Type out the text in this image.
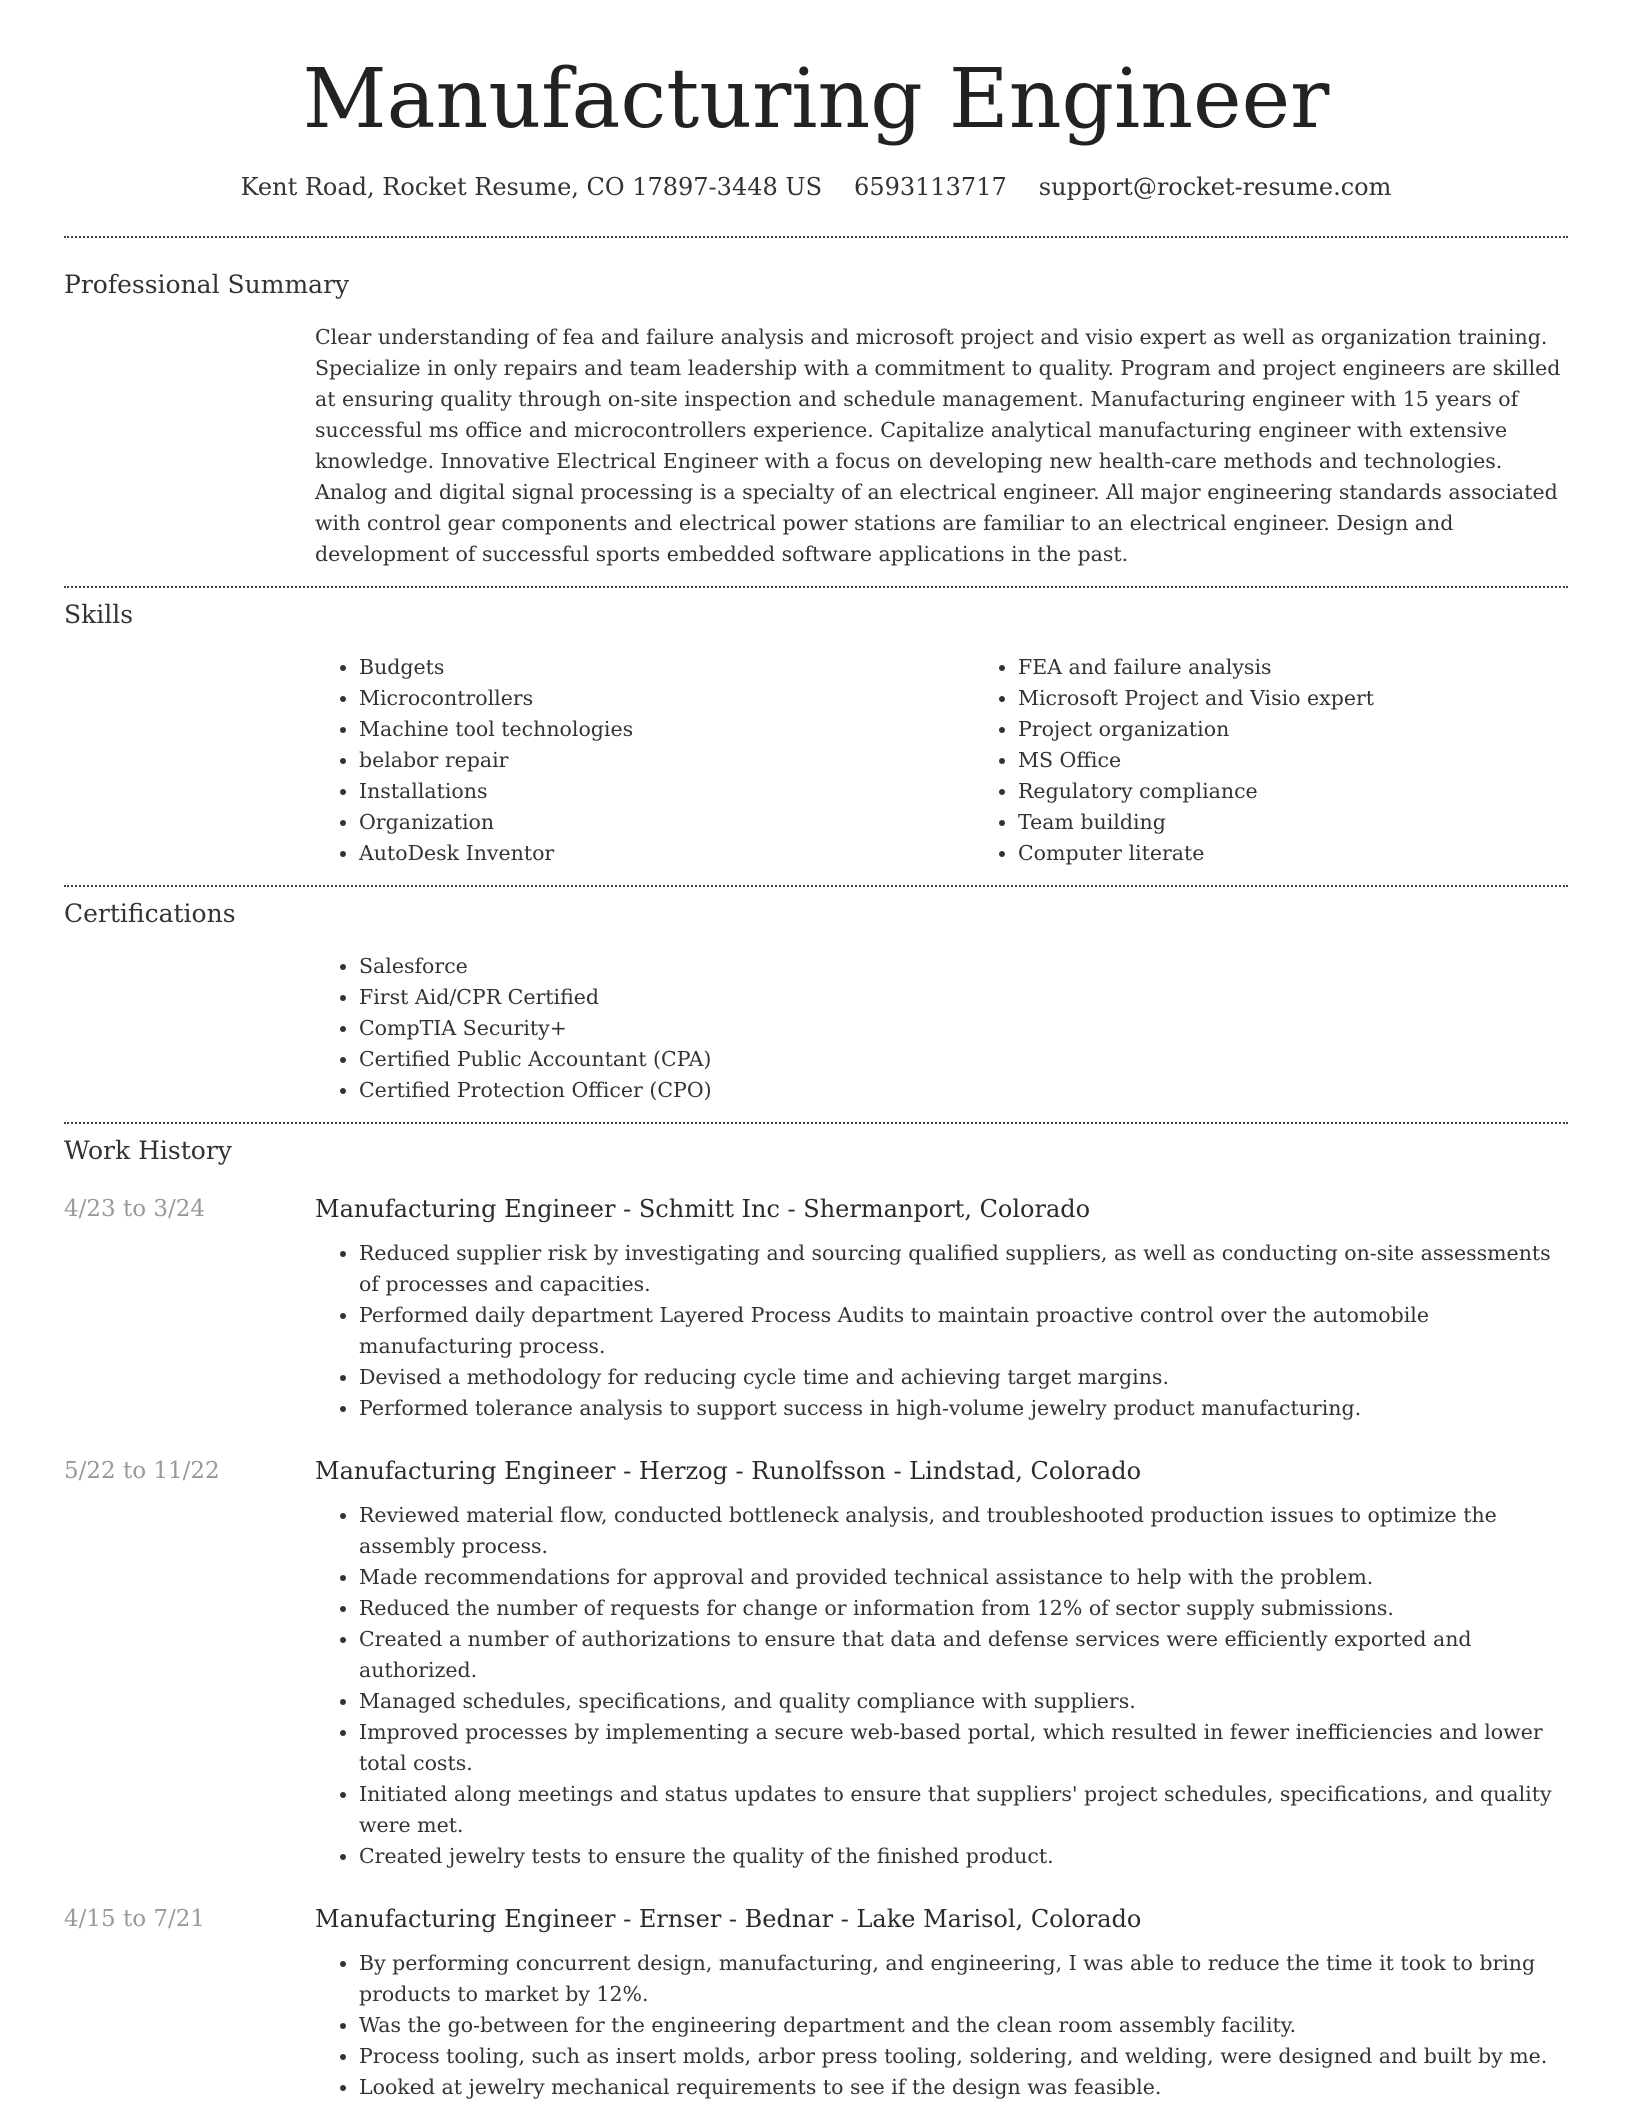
Manufacturing Engineer
Kent Road, Rocket Resume, CO 17897-3448 US 6593113717 support@rocket-resume.com
Professional Summary

Clear understanding of fea and failure analysis and microsoft project and visio expert as well as organization training. Specialize in only repairs and team leadership with a commitment to quality. Program and project engineers are skilled at ensuring quality through on-site inspection and schedule management. Manufacturing engineer with 15 years of successful ms office and microcontrollers experience. Capitalize analytical manufacturing engineer with extensive knowledge. Innovative Electrical Engineer with a focus on developing new health-care methods and technologies. Analog and digital signal processing is a specialty of an electrical engineer. All major engineering standards associated with control gear components and electrical power stations are familiar to an electrical engineer. Design and development of successful sports embedded software applications in the past.

Skills
• Budgets
• Microcontrollers
• Machine tool technologies
• belabor repair
• Installations
• Organization
• AutoDesk Inventor
• FEA and failure analysis
• Microsoft Project and Visio expert
• Project organization
• MS Office
• Regulatory compliance
• Team building
• Computer literate
Certifications
• Salesforce
• First Aid/CPR Certified
• CompTIA Security+
• Certified Public Accountant (CPA)
• Certified Protection Officer (CPO)
Work History
4/23 to 3/24	Manufacturing Engineer - Schmitt Inc - Shermanport, Colorado
• Reduced supplier risk by investigating and sourcing qualified suppliers, as well as conducting on-site assessments of processes and capacities.
• Performed daily department Layered Process Audits to maintain proactive control over the automobile manufacturing process.
• Devised a methodology for reducing cycle time and achieving target margins.
• Performed tolerance analysis to support success in high-volume jewelry product manufacturing.
5/22 to 11/22	Manufacturing Engineer - Herzog - Runolfsson - Lindstad, Colorado
• Reviewed material flow, conducted bottleneck analysis, and troubleshooted production issues to optimize the assembly process.
• Made recommendations for approval and provided technical assistance to help with the problem.
• Reduced the number of requests for change or information from 12% of sector supply submissions.
• Created a number of authorizations to ensure that data and defense services were efficiently exported and authorized.
• Managed schedules, specifications, and quality compliance with suppliers.
• Improved processes by implementing a secure web-based portal, which resulted in fewer inefficiencies and lower total costs.
• Initiated along meetings and status updates to ensure that suppliers' project schedules, specifications, and quality were met.
• Created jewelry tests to ensure the quality of the finished product.
4/15 to 7/21	Manufacturing Engineer - Ernser - Bednar - Lake Marisol, Colorado
• By performing concurrent design, manufacturing, and engineering, I was able to reduce the time it took to bring products to market by 12%.
• Was the go-between for the engineering department and the clean room assembly facility.
• Process tooling, such as insert molds, arbor press tooling, soldering, and welding, were designed and built by me.
• Looked at jewelry mechanical requirements to see if the design was feasible.
